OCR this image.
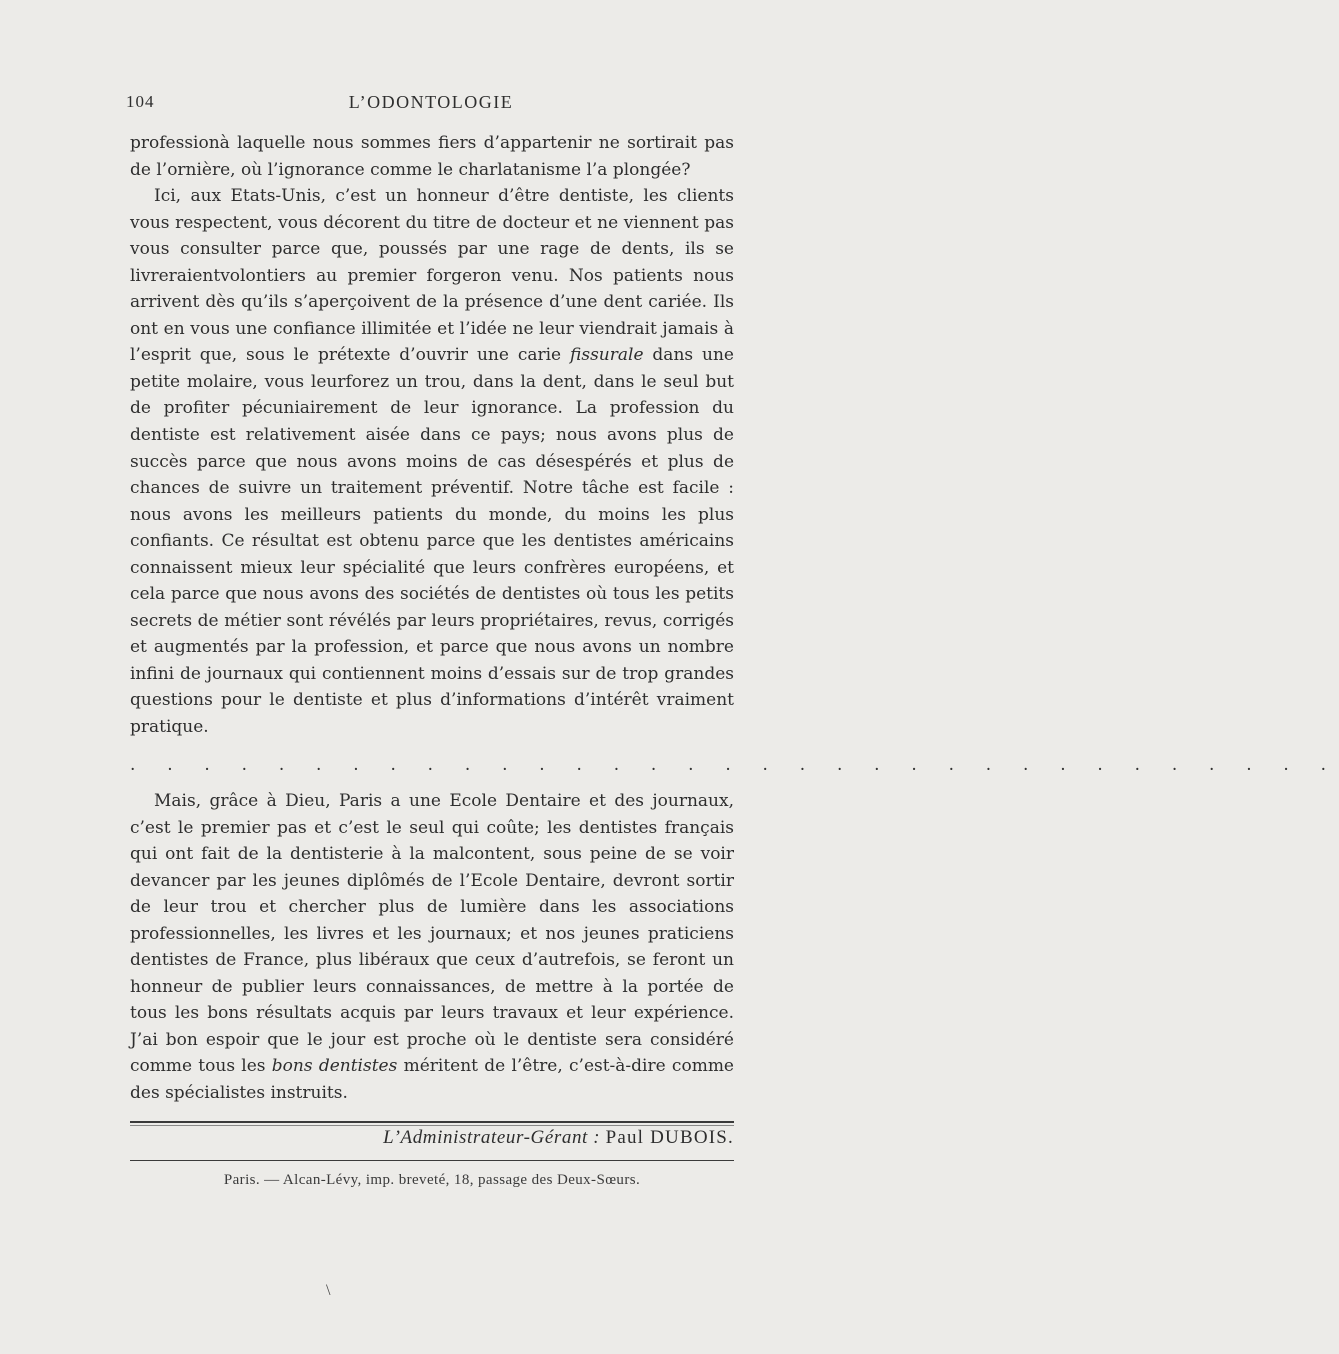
104	L’ODONTOLOGIE

professionà laquelle nous sommes fiers d’appartenir ne sortirait pas de l’ornière, où l’ignorance comme le charlatanisme l’a plongée?

Ici, aux Etats-Unis, c’est un honneur d’être dentiste, les clients vous respectent, vous décorent du titre de docteur et ne viennent pas vous consulter parce que, poussés par une rage de dents, ils se livreraientvolontiers au premier forgeron venu. Nos patients nous arrivent dès qu’ils s’aperçoivent de la présence d’une dent cariée. Ils ont en vous une confiance illimitée et l’idée ne leur viendrait jamais à l’esprit que, sous le prétexte d’ouvrir une carie fissurale dans une petite molaire, vous leurforez un trou, dans la dent, dans le seul but de profiter pécuniairement de leur ignorance. La profession du dentiste est relativement aisée dans ce pays; nous avons plus de succès parce que nous avons moins de cas désespérés et plus de chances de suivre un traitement préventif. Notre tâche est facile : nous avons les meilleurs patients du monde, du moins les plus confiants. Ce résultat est obtenu parce que les dentistes américains connaissent mieux leur spécialité que leurs confrères européens, et cela parce que nous avons des sociétés de dentistes où tous les petits secrets de métier sont révélés par leurs propriétaires, revus, corrigés et augmentés par la profession, et parce que nous avons un nombre infini de journaux qui contiennent moins d’essais sur de trop grandes questions pour le dentiste et plus d’informations d’intérêt vraiment pratique.

· · · · · · · · · · · · · · · · · · · · · · · · · · · · · · · · ·

Mais, grâce à Dieu, Paris a une Ecole Dentaire et des journaux, c’est le premier pas et c’est le seul qui coûte; les dentistes français qui ont fait de la dentisterie à la malcontent, sous peine de se voir devancer par les jeunes diplômés de l’Ecole Dentaire, devront sortir de leur trou et chercher plus de lumière dans les associations professionnelles, les livres et les journaux; et nos jeunes praticiens dentistes de France, plus libéraux que ceux d’autrefois, se feront un honneur de publier leurs connaissances, de mettre à la portée de tous les bons résultats acquis par leurs travaux et leur expérience. J’ai bon espoir que le jour est proche où le dentiste sera considéré comme tous les bons dentistes méritent de l’être, c’est-à-dire comme des spécialistes instruits.

L’Administrateur-Gérant : Paul DUBOIS.
Paris. — Alcan-Lévy, imp. breveté, 18, passage des Deux-Sœurs.
\
